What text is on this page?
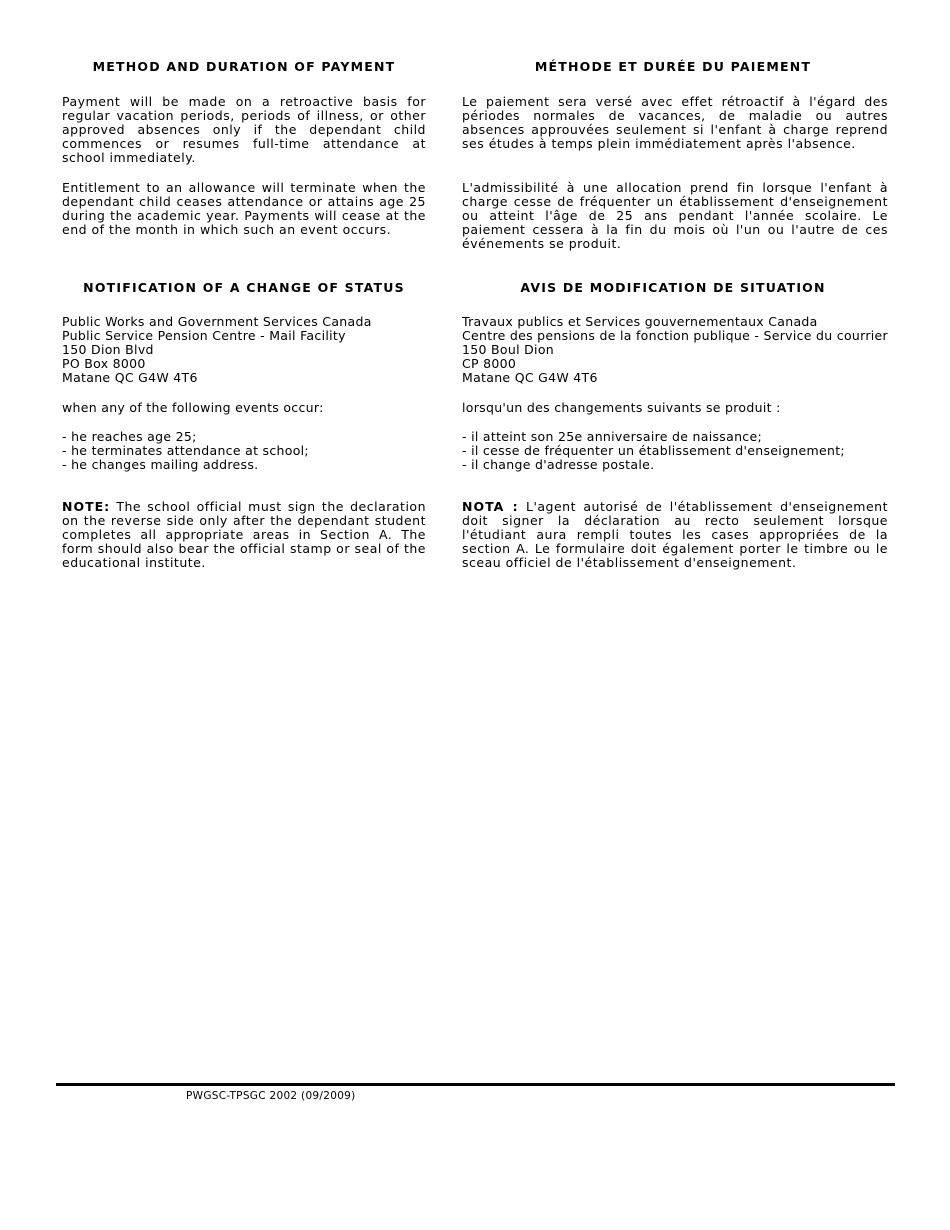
METHOD AND DURATION OF PAYMENT

Payment will be made on a retroactive basis for regular vacation periods, periods of illness, or other approved absences only if the dependant child commences or resumes full-time attendance at school immediately.

Entitlement to an allowance will terminate when the dependant child ceases attendance or attains age 25 during the academic year. Payments will cease at the end of the month in which such an event occurs.

NOTIFICATION OF A CHANGE OF STATUS
Public Works and Government Services Canada
Public Service Pension Centre - Mail Facility
150 Dion Blvd
PO Box 8000
Matane QC G4W 4T6
when any of the following events occur:
- he reaches age 25;
- he terminates attendance at school;
- he changes mailing address.

NOTE: The school official must sign the declaration on the reverse side only after the dependant student completes all appropriate areas in Section A. The form should also bear the official stamp or seal of the educational institute.

MÉTHODE ET DURÉE DU PAIEMENT

Le paiement sera versé avec effet rétroactif à l'égard des périodes normales de vacances, de maladie ou autres absences approuvées seulement si l'enfant à charge reprend ses études à temps plein immédiatement après l'absence.

L'admissibilité à une allocation prend fin lorsque l'enfant à charge cesse de fréquenter un établissement d'enseignement ou atteint l'âge de 25 ans pendant l'année scolaire. Le paiement cessera à la fin du mois où l'un ou l'autre de ces événements se produit.

AVIS DE MODIFICATION DE SITUATION
Travaux publics et Services gouvernementaux Canada
Centre des pensions de la fonction publique - Service du courrier
150 Boul Dion
CP 8000
Matane QC G4W 4T6
lorsqu'un des changements suivants se produit :
- il atteint son 25e anniversaire de naissance;
- il cesse de fréquenter un établissement d'enseignement;
- il change d'adresse postale.

NOTA : L'agent autorisé de l'établissement d'enseignement doit signer la déclaration au recto seulement lorsque l'étudiant aura rempli toutes les cases appropriées de la section A. Le formulaire doit également porter le timbre ou le sceau officiel de l'établissement d'enseignement.

PWGSC-TPSGC 2002 (09/2009)
